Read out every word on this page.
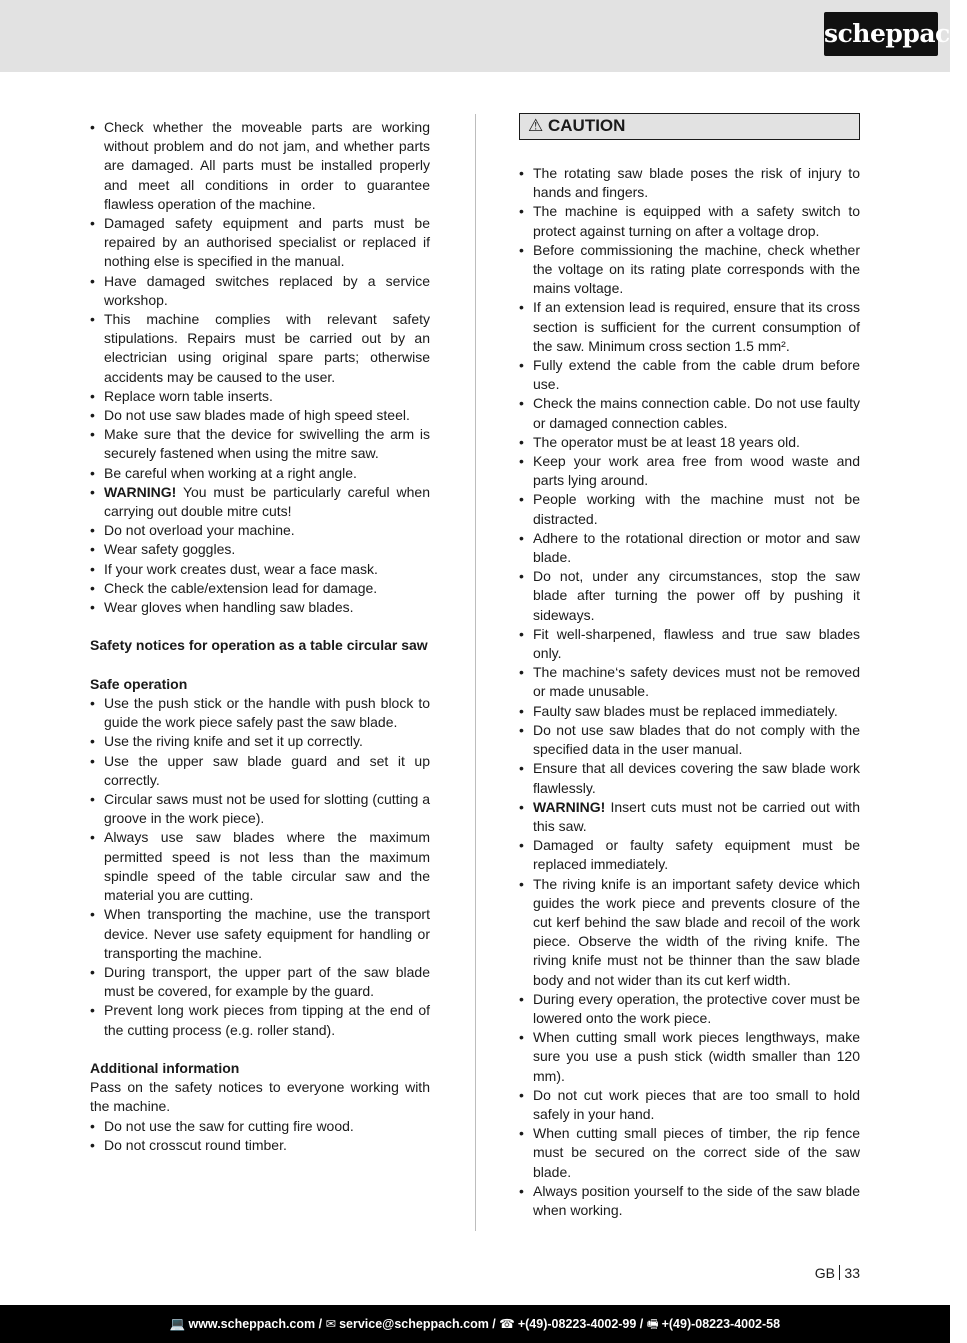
scheppach
• Check whether the moveable parts are working without problem and do not jam, and whether parts are damaged. All parts must be installed properly and meet all conditions in order to guarantee flawless operation of the machine.
• Damaged safety equipment and parts must be repaired by an authorised specialist or replaced if nothing else is specified in the manual.
• Have damaged switches replaced by a service workshop.
• This machine complies with relevant safety stipulations. Repairs must be carried out by an electrician using original spare parts; otherwise accidents may be caused to the user.
• Replace worn table inserts.
• Do not use saw blades made of high speed steel.
• Make sure that the device for swivelling the arm is securely fastened when using the mitre saw.
• Be careful when working at a right angle.
• WARNING! You must be particularly careful when carrying out double mitre cuts!
• Do not overload your machine.
• Wear safety goggles.
• If your work creates dust, wear a face mask.
• Check the cable/extension lead for damage.
• Wear gloves when handling saw blades.
Safety notices for operation as a table circular saw
Safe operation
• Use the push stick or the handle with push block to guide the work piece safely past the saw blade.
• Use the riving knife and set it up correctly.
• Use the upper saw blade guard and set it up correctly.
• Circular saws must not be used for slotting (cutting a groove in the work piece).
• Always use saw blades where the maximum permitted speed is not less than the maximum spindle speed of the table circular saw and the material you are cutting.
• When transporting the machine, use the transport device. Never use safety equipment for handling or transporting the machine.
• During transport, the upper part of the saw blade must be covered, for example by the guard.
• Prevent long work pieces from tipping at the end of the cutting process (e.g. roller stand).
Additional information

Pass on the safety notices to everyone working with the machine.

• Do not use the saw for cutting fire wood.
• Do not crosscut round timber.
⚠ CAUTION
• The rotating saw blade poses the risk of injury to hands and fingers.
• The machine is equipped with a safety switch to protect against turning on after a voltage drop.
• Before commissioning the machine, check whether the voltage on its rating plate corresponds with the mains voltage.
• If an extension lead is required, ensure that its cross section is sufficient for the current consumption of the saw. Minimum cross section 1.5 mm².
• Fully extend the cable from the cable drum before use.
• Check the mains connection cable. Do not use faulty or damaged connection cables.
• The operator must be at least 18 years old.
• Keep your work area free from wood waste and parts lying around.
• People working with the machine must not be distracted.
• Adhere to the rotational direction or motor and saw blade.
• Do not, under any circumstances, stop the saw blade after turning the power off by pushing it sideways.
• Fit well-sharpened, flawless and true saw blades only.
• The machine‘s safety devices must not be removed or made unusable.
• Faulty saw blades must be replaced immediately.
• Do not use saw blades that do not comply with the specified data in the user manual.
• Ensure that all devices covering the saw blade work flawlessly.
• WARNING! Insert cuts must not be carried out with this saw.
• Damaged or faulty safety equipment must be replaced immediately.
• The riving knife is an important safety device which guides the work piece and prevents closure of the cut kerf behind the saw blade and recoil of the work piece. Observe the width of the riving knife. The riving knife must not be thinner than the saw blade body and not wider than its cut kerf width.
• During every operation, the protective cover must be lowered onto the work piece.
• When cutting small work pieces lengthways, make sure you use a push stick (width smaller than 120 mm).
• Do not cut work pieces that are too small to hold safely in your hand.
• When cutting small pieces of timber, the rip fence must be secured on the correct side of the saw blade.
• Always position yourself to the side of the saw blade when working.
GB 33
💻 www.scheppach.com / ✉ service@scheppach.com / ☎ +(49)-08223-4002-99 / 🖷 +(49)-08223-4002-58
